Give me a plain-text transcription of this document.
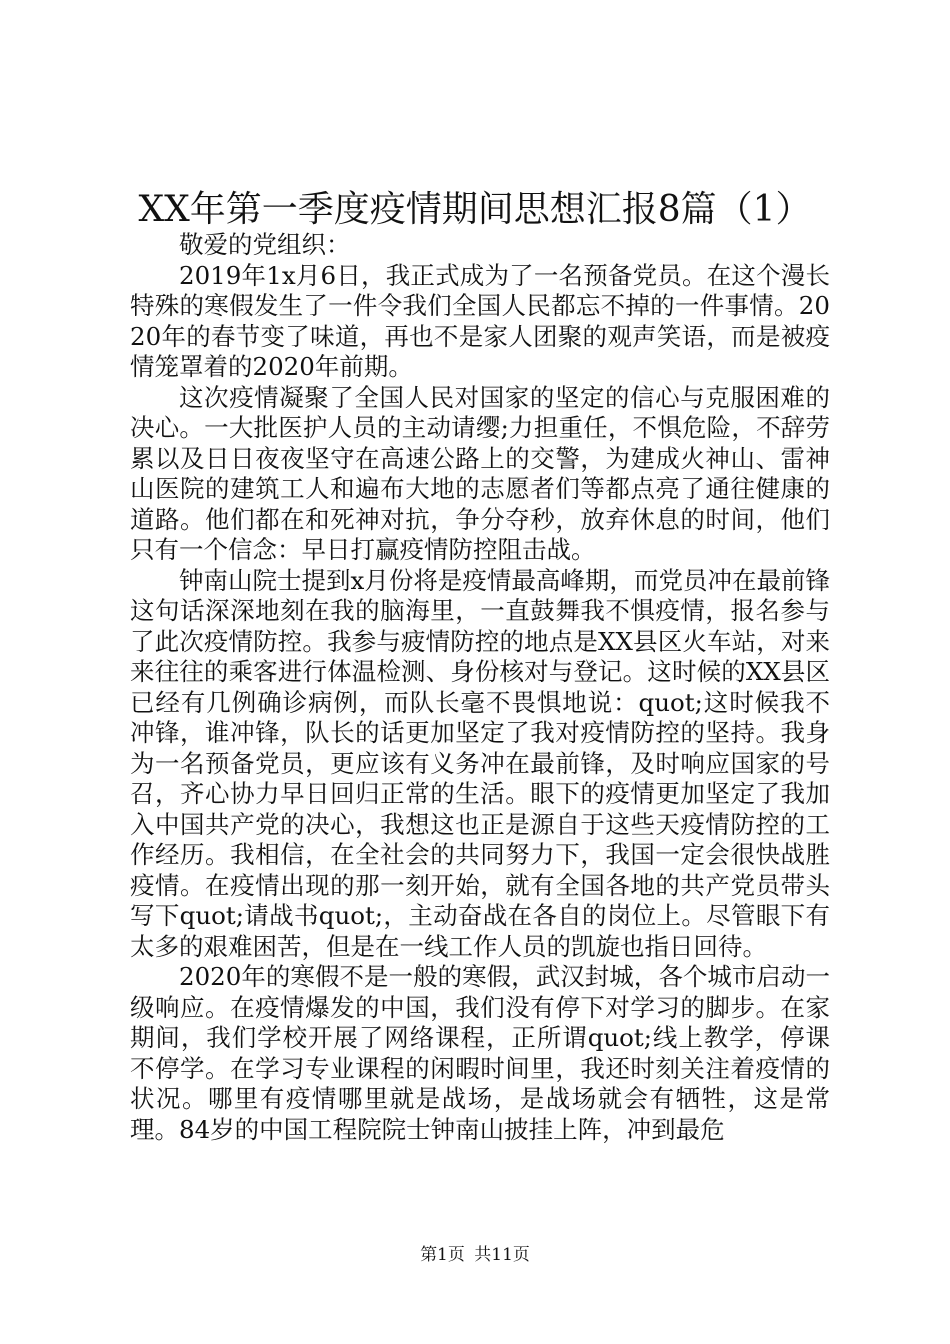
XX年第一季度疫情期间思想汇报8篇（1）

敬爱的党组织：

2019年1x月6日，我正式成为了一名预备党员。在这个漫长特殊的寒假发生了一件令我们全国人民都忘不掉的一件事情。2020年的春节变了味道，再也不是家人团聚的观声笑语，而是被疫情笼罩着的2020年前期。

这次疫情凝聚了全国人民对国家的坚定的信心与克服困难的决心。一大批医护人员的主动请缨;力担重任，不惧危险，不辞劳累以及日日夜夜坚守在高速公路上的交警，为建成火神山、雷神山医院的建筑工人和遍布大地的志愿者们等都点亮了通往健康的道路。他们都在和死神对抗，争分夺秒，放弃休息的时间，他们只有一个信念：早日打赢疫情防控阻击战。

钟南山院士提到x月份将是疫情最高峰期，而党员冲在最前锋这句话深深地刻在我的脑海里，一直鼓舞我不惧疫情，报名参与了此次疫情防控。我参与疲情防控的地点是XX县区火车站，对来来往往的乘客进行体温检测、身份核对与登记。这时候的XX县区已经有几例确诊病例，而队长毫不畏惧地说：quot;这时候我不冲锋，谁冲锋，队长的话更加坚定了我对疫情防控的坚持。我身为一名预备党员，更应该有义务冲在最前锋，及时响应国家的号召，齐心协力早日回归正常的生活。眼下的疫情更加坚定了我加入中国共产党的决心，我想这也正是源自于这些天疫情防控的工作经历。我相信，在全社会的共同努力下，我国一定会很快战胜疫情。在疫情出现的那一刻开始，就有全国各地的共产党员带头写下quot;请战书quot;，主动奋战在各自的岗位上。尽管眼下有太多的艰难困苦，但是在一线工作人员的凯旋也指日回待。

2020年的寒假不是一般的寒假，武汉封城，各个城市启动一级响应。在疫情爆发的中国，我们没有停下对学习的脚步。在家期间，我们学校开展了网络课程，正所谓quot;线上教学，停课不停学。在学习专业课程的闲暇时间里，我还时刻关注着疫情的状况。哪里有疫情哪里就是战场，是战场就会有牺牲，这是常理。84岁的中国工程院院士钟南山披挂上阵，冲到最危

第1页 共11页
